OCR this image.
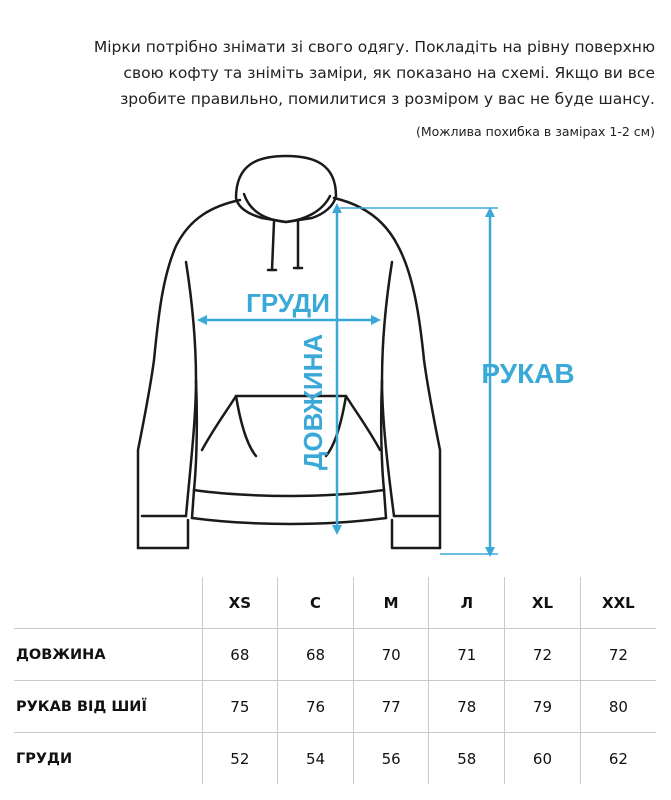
Мірки потрібно знімати зі свого одягу. Покладіть на рівну поверхню
свою кофту та зніміть заміри, як показано на схемі. Якщо ви все
зробите правильно, помилитися з розміром у вас не буде шансу.
(Можлива похибка в замірах 1-2 см)
ГРУДИ
ДОВЖИНА	РУКАВ
	XS	С	М	Л	XL	XXL
ДОВЖИНА	68	68	70	71	72	72
РУКАВ ВІД ШИЇ	75	76	77	78	79	80
ГРУДИ	52	54	56	58	60	62
